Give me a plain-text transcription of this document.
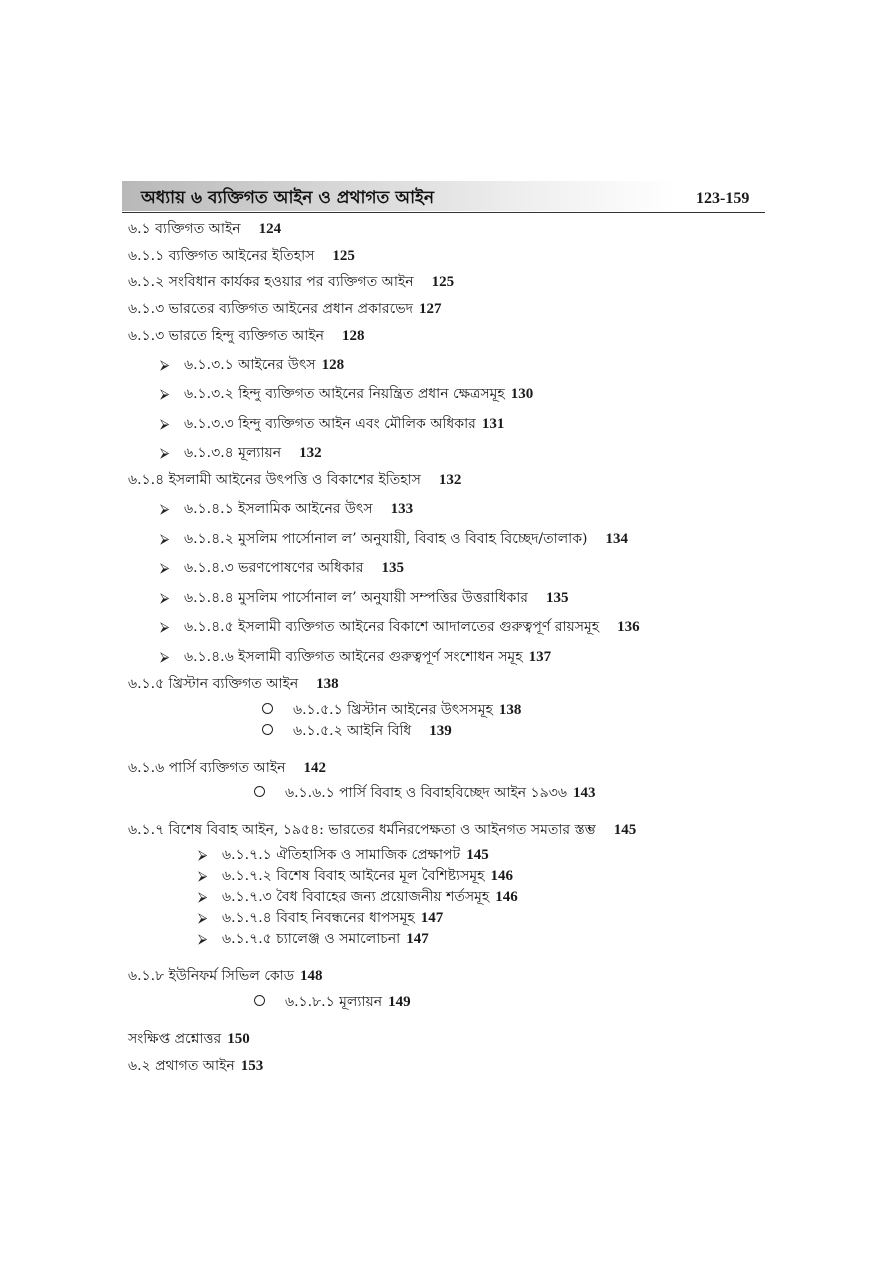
অধ্যায় ৬ ব্যক্তিগত আইন ও প্রথাগত আইন	123-159
৬.১ ব্যক্তিগত আইন 124
৬.১.১ ব্যক্তিগত আইনের ইতিহাস 125
৬.১.২ সংবিধান কার্যকর হওয়ার পর ব্যক্তিগত আইন 125
৬.১.৩ ভারতের ব্যক্তিগত আইনের প্রধান প্রকারভেদ 127
৬.১.৩ ভারতে হিন্দু ব্যক্তিগত আইন 128
⮚ ৬.১.৩.১ আইনের উৎস 128
⮚ ৬.১.৩.২ হিন্দু ব্যক্তিগত আইনের নিয়ন্ত্রিত প্রধান ক্ষেত্রসমূহ 130
⮚ ৬.১.৩.৩ হিন্দু ব্যক্তিগত আইন এবং মৌলিক অধিকার 131
⮚ ৬.১.৩.৪ মূল্যায়ন 132
৬.১.৪ ইসলামী আইনের উৎপত্তি ও বিকাশের ইতিহাস 132
⮚ ৬.১.৪.১ ইসলামিক আইনের উৎস 133
⮚ ৬.১.৪.২ মুসলিম পার্সোনাল ল’ অনুযায়ী, বিবাহ ও বিবাহ বিচ্ছেদ/তালাক) 134
⮚ ৬.১.৪.৩ ভরণপোষণের অধিকার 135
⮚ ৬.১.৪.৪ মুসলিম পার্সোনাল ল’ অনুযায়ী সম্পত্তির উত্তরাধিকার 135
⮚ ৬.১.৪.৫ ইসলামী ব্যক্তিগত আইনের বিকাশে আদালতের গুরুত্বপূর্ণ রায়সমূহ 136
⮚ ৬.১.৪.৬ ইসলামী ব্যক্তিগত আইনের গুরুত্বপূর্ণ সংশোধন সমূহ 137
৬.১.৫ খ্রিস্টান ব্যক্তিগত আইন 138
৬.১.৫.১ খ্রিস্টান আইনের উৎসসমূহ 138
৬.১.৫.২ আইনি বিধি 139
৬.১.৬ পার্সি ব্যক্তিগত আইন 142
৬.১.৬.১ পার্সি বিবাহ ও বিবাহবিচ্ছেদ আইন ১৯৩৬ 143
৬.১.৭ বিশেষ বিবাহ আইন, ১৯৫৪: ভারতের ধর্মনিরপেক্ষতা ও আইনগত সমতার স্তম্ভ 145
⮚ ৬.১.৭.১ ঐতিহাসিক ও সামাজিক প্রেক্ষাপট 145
⮚ ৬.১.৭.২ বিশেষ বিবাহ আইনের মূল বৈশিষ্ট্যসমূহ 146
⮚ ৬.১.৭.৩ বৈধ বিবাহের জন্য প্রয়োজনীয় শর্তসমূহ 146
⮚ ৬.১.৭.৪ বিবাহ নিবন্ধনের ধাপসমূহ 147
⮚ ৬.১.৭.৫ চ্যালেঞ্জ ও সমালোচনা 147
৬.১.৮ ইউনিফর্ম সিভিল কোড 148
৬.১.৮.১ মূল্যায়ন 149
সংক্ষিপ্ত প্রশ্নোত্তর 150
৬.২ প্রথাগত আইন 153
